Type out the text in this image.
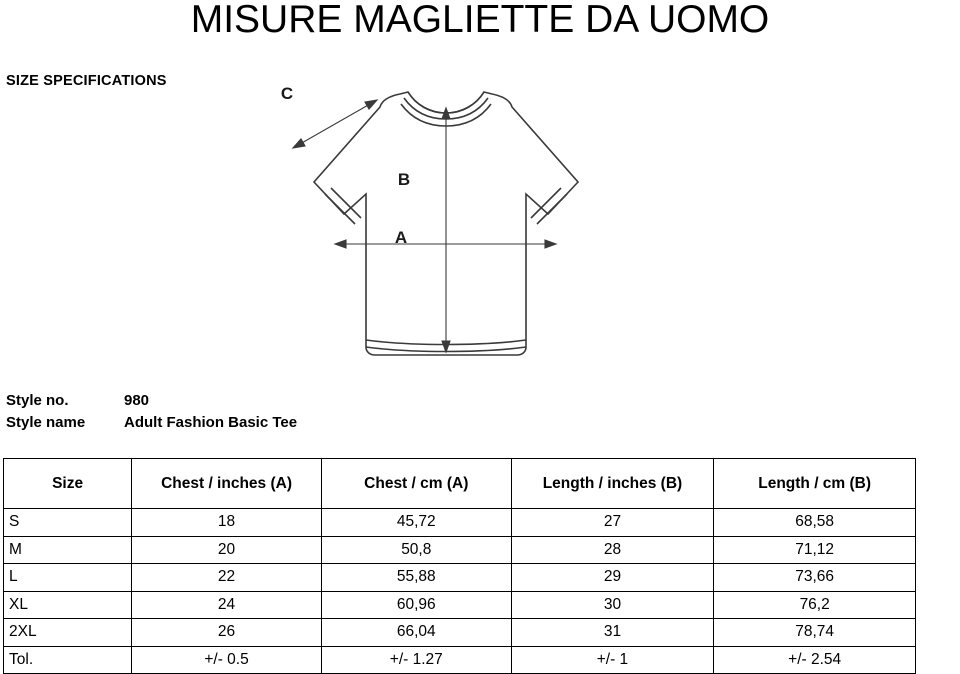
MISURE MAGLIETTE DA UOMO
SIZE SPECIFICATIONS
A
B
C
Style no.	980
Style name	Adult Fashion Basic Tee
Size	Chest / inches (A)	Chest / cm (A)	Length / inches (B)	Length / cm (B)
S	18	45,72	27	68,58
M	20	50,8	28	71,12
L	22	55,88	29	73,66
XL	24	60,96	30	76,2
2XL	26	66,04	31	78,74
Tol.	+/- 0.5	+/- 1.27	+/- 1	+/- 2.54
